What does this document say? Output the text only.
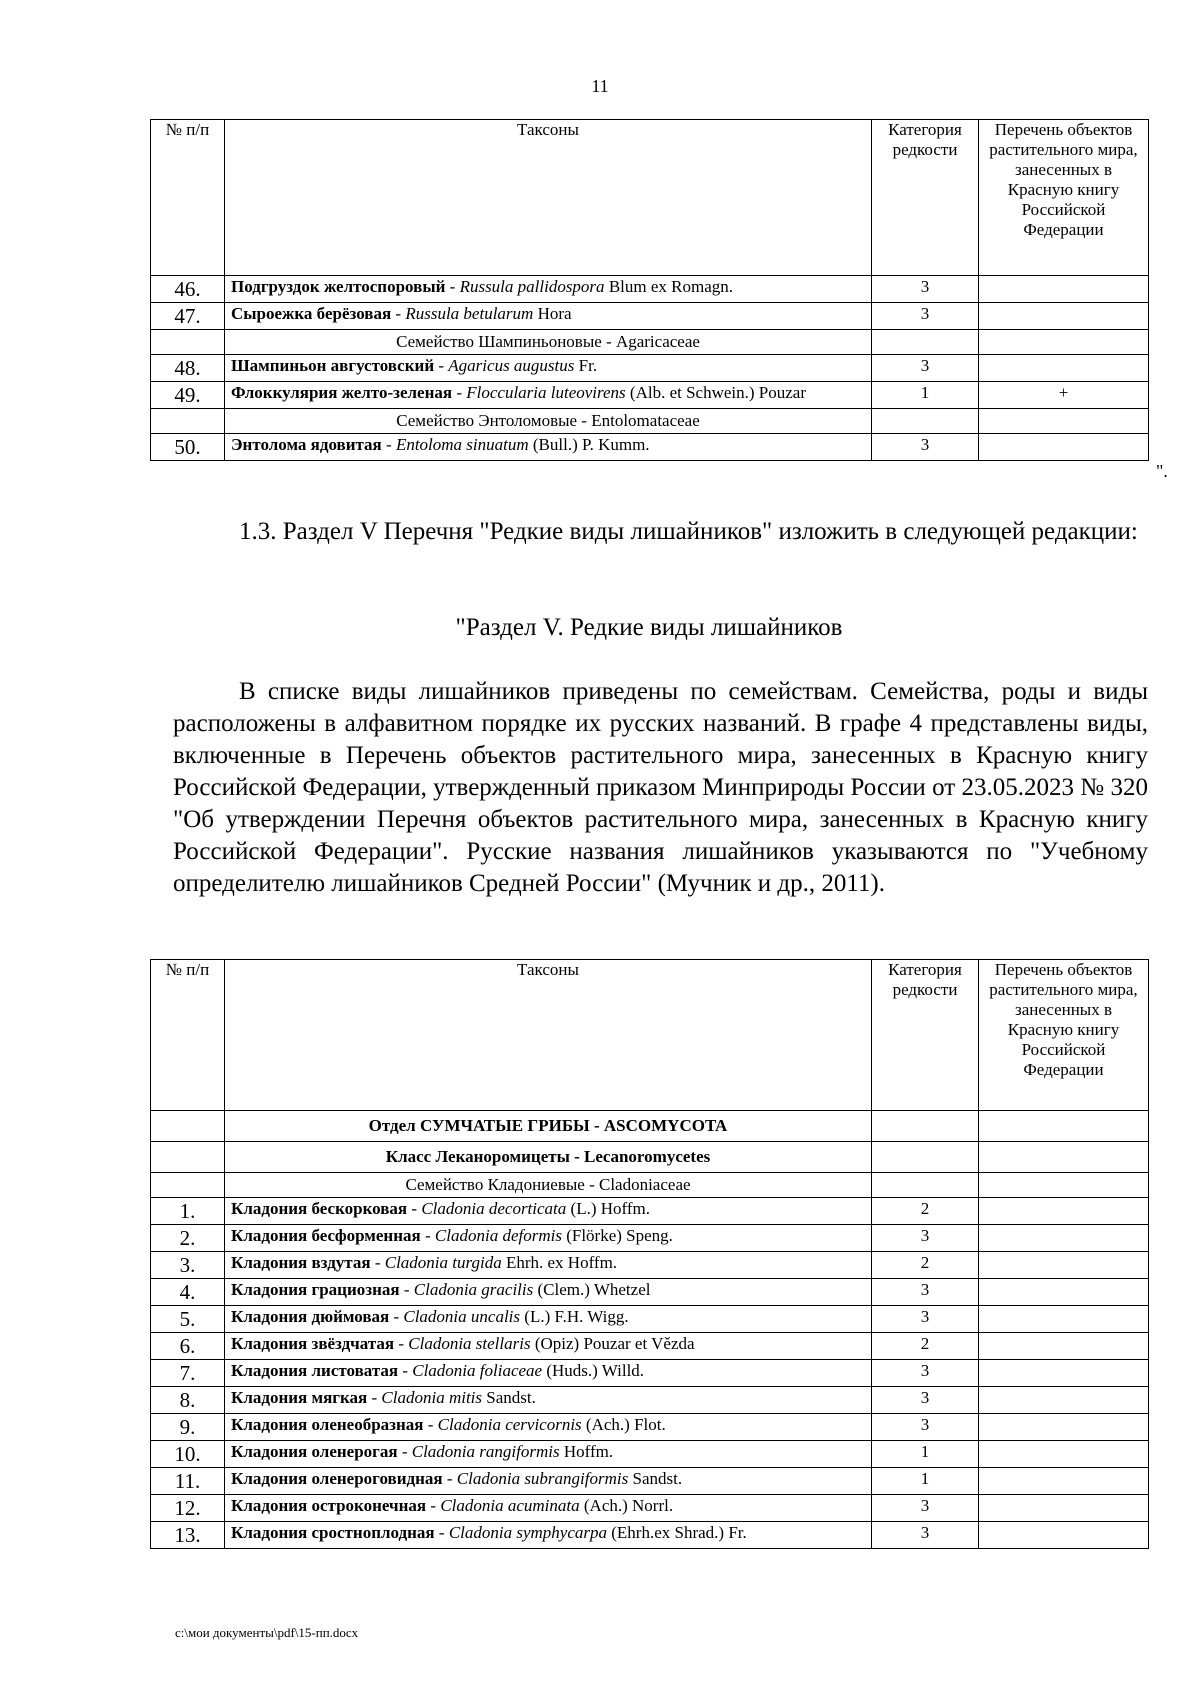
11
№ п/п	Таксоны	Категория редкости	Перечень объектов растительного мира, занесенных в Красную книгу Российской Федерации
46.	Подгруздок желтоспоровый - Russula pallidospora Blum ex Romagn.	3	
47.	Сыроежка берёзовая - Russula betularum Hora	3	
	Семейство Шампиньоновые - Agaricaceae		
48.	Шампиньон августовский - Agaricus augustus Fr.	3	
49.	Флоккулярия желто-зеленая - Floccularia luteovirens (Alb. et Schwein.) Pouzar	1	+
	Семейство Энтоломовые - Entolomataceae		
50.	Энтолома ядовитая - Entoloma sinuatum (Bull.) P. Kumm.	3	
".

1.3. Раздел V Перечня "Редкие виды лишайников" изложить в следующей редакции:

"Раздел V. Редкие виды лишайников

В списке виды лишайников приведены по семействам. Семейства, роды и виды расположены в алфавитном порядке их русских названий. В графе 4 представлены виды, включенные в Перечень объектов растительного мира, занесенных в Красную книгу Российской Федерации, утвержденный приказом Минприроды России от 23.05.2023 № 320 "Об утверждении Перечня объектов растительного мира, занесенных в Красную книгу Российской Федерации". Русские названия лишайников указываются по "Учебному определителю лишайников Средней России" (Мучник и др., 2011).

№ п/п	Таксоны	Категория редкости	Перечень объектов растительного мира, занесенных в Красную книгу Российской Федерации
	Отдел СУМЧАТЫЕ ГРИБЫ - ASCOMYCOTA		
	Класс Леканоромицеты - Lecanoromycetes		
	Семейство Кладониевые - Cladoniaceae		
1.	Кладония бескорковая - Cladonia decorticata (L.) Hoffm.	2	
2.	Кладония бесформенная - Cladonia deformis (Flörke) Speng.	3	
3.	Кладония вздутая - Cladonia turgida Ehrh. ex Hoffm.	2	
4.	Кладония грациозная - Cladonia gracilis (Clem.) Whetzel	3	
5.	Кладония дюймовая - Cladonia uncalis (L.) F.H. Wigg.	3	
6.	Кладония звёздчатая - Cladonia stellaris (Opiz) Pouzar et Vězda	2	
7.	Кладония листоватая - Cladonia foliaceae (Huds.) Willd.	3	
8.	Кладония мягкая - Cladonia mitis Sandst.	3	
9.	Кладония оленеобразная - Cladonia cervicornis (Ach.) Flot.	3	
10.	Кладония оленерогая - Cladonia rangiformis Hoffm.	1	
11.	Кладония оленероговидная - Cladonia subrangiformis Sandst.	1	
12.	Кладония остроконечная - Cladonia acuminata (Ach.) Norrl.	3	
13.	Кладония сростноплодная - Cladonia symphycarpa (Ehrh.ex Shrad.) Fr.	3	
c:\мои документы\pdf\15-пп.docx
